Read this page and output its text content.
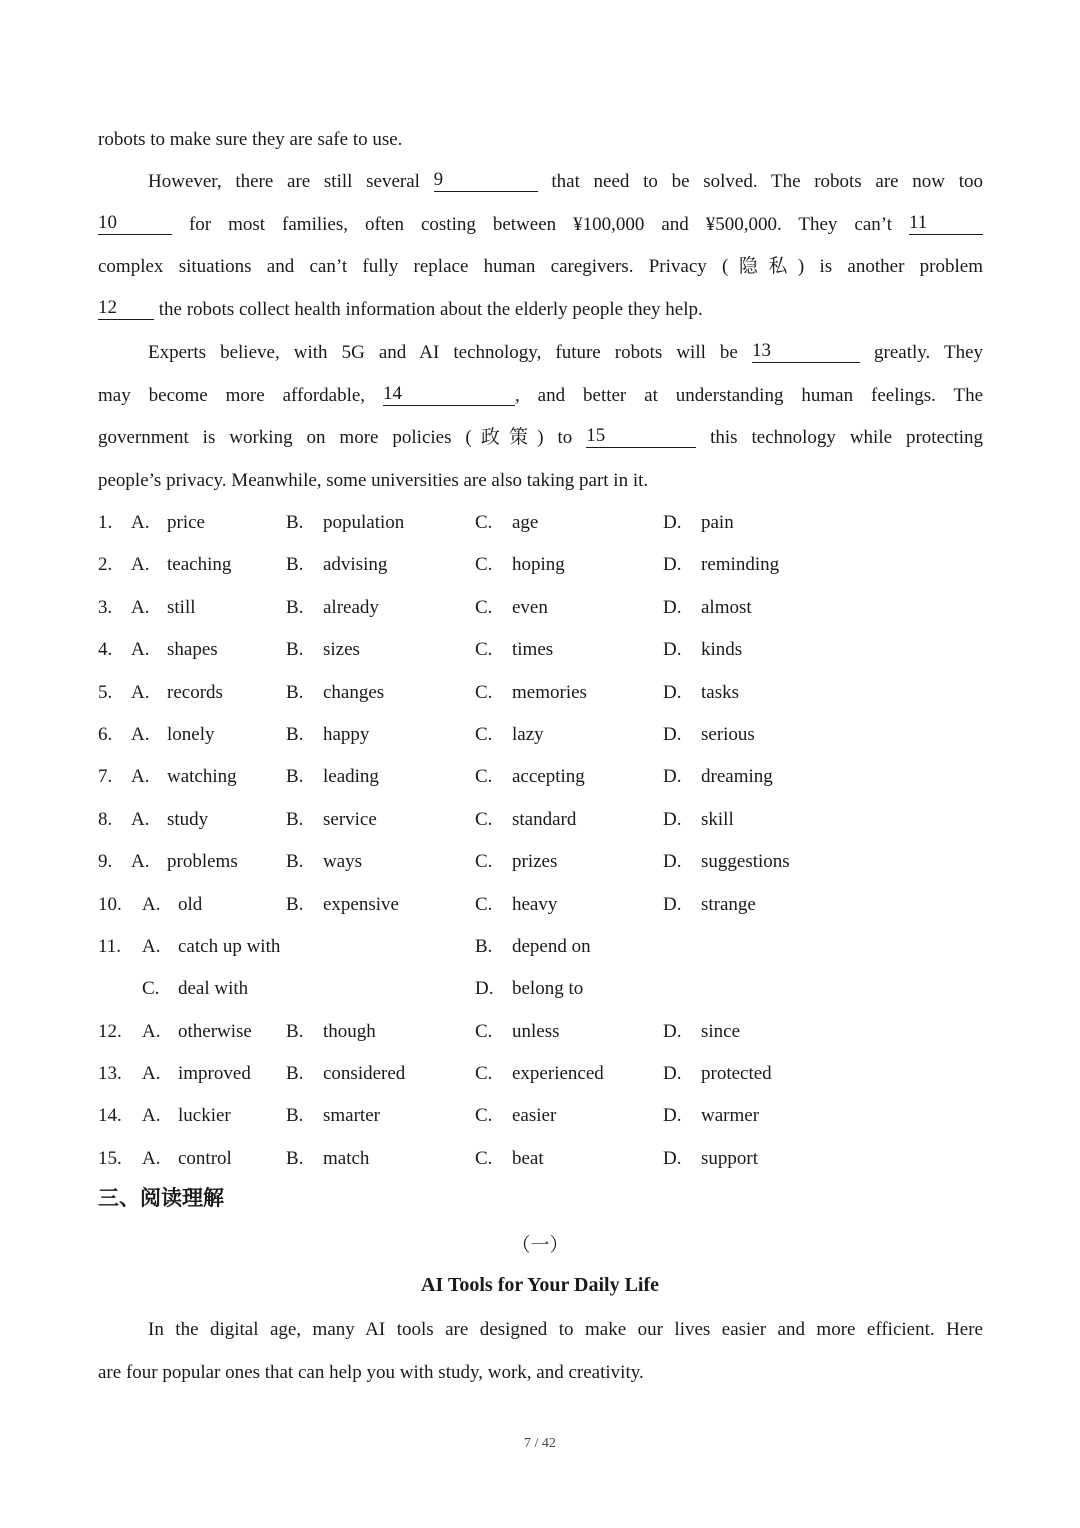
robots to make sure they are safe to use.
However, there are still several 9	that need to be solved. The robots are now too
10	for most families, often costing between ¥100,000 and ¥500,000. They can’t 11
complex situations and can’t fully replace human caregivers. Privacy (隐私) is another problem
12 the robots collect health information about the elderly people they help.
Experts believe, with 5G and AI technology, future robots will be 13	greatly. They
may become more affordable, 14	, and better at understanding human feelings. The
government is working on more policies (政策) to 15	this technology while protecting
people’s privacy. Meanwhile, some universities are also taking part in it.
1. A. price	B. population	C. age	D. pain
2. A. teaching	B. advising	C. hoping	D. reminding
3. A. still	B. already	C. even	D. almost
4. A. shapes	B. sizes	C. times	D. kinds
5. A. records	B. changes	C. memories	D. tasks
6. A. lonely	B. happy	C. lazy	D. serious
7. A. watching	B. leading	C. accepting	D. dreaming
8. A. study	B. service	C. standard	D. skill
9. A. problems	B. ways	C. prizes	D. suggestions
10. A. old	B. expensive	C. heavy	D. strange
11. A. catch up with	B. depend on
C. deal with	D. belong to
12. A. otherwise B. though	C. unless	D. since
13. A. improved B. considered	C. experienced	D. protected
14. A. luckier	B. smarter	C. easier	D. warmer
15. A. control	B. match	C. beat	D. support
三、阅读理解
（一）
AI Tools for Your Daily Life
In the digital age, many AI tools are designed to make our lives easier and more efficient. Here
are four popular ones that can help you with study, work, and creativity.
7 / 42
